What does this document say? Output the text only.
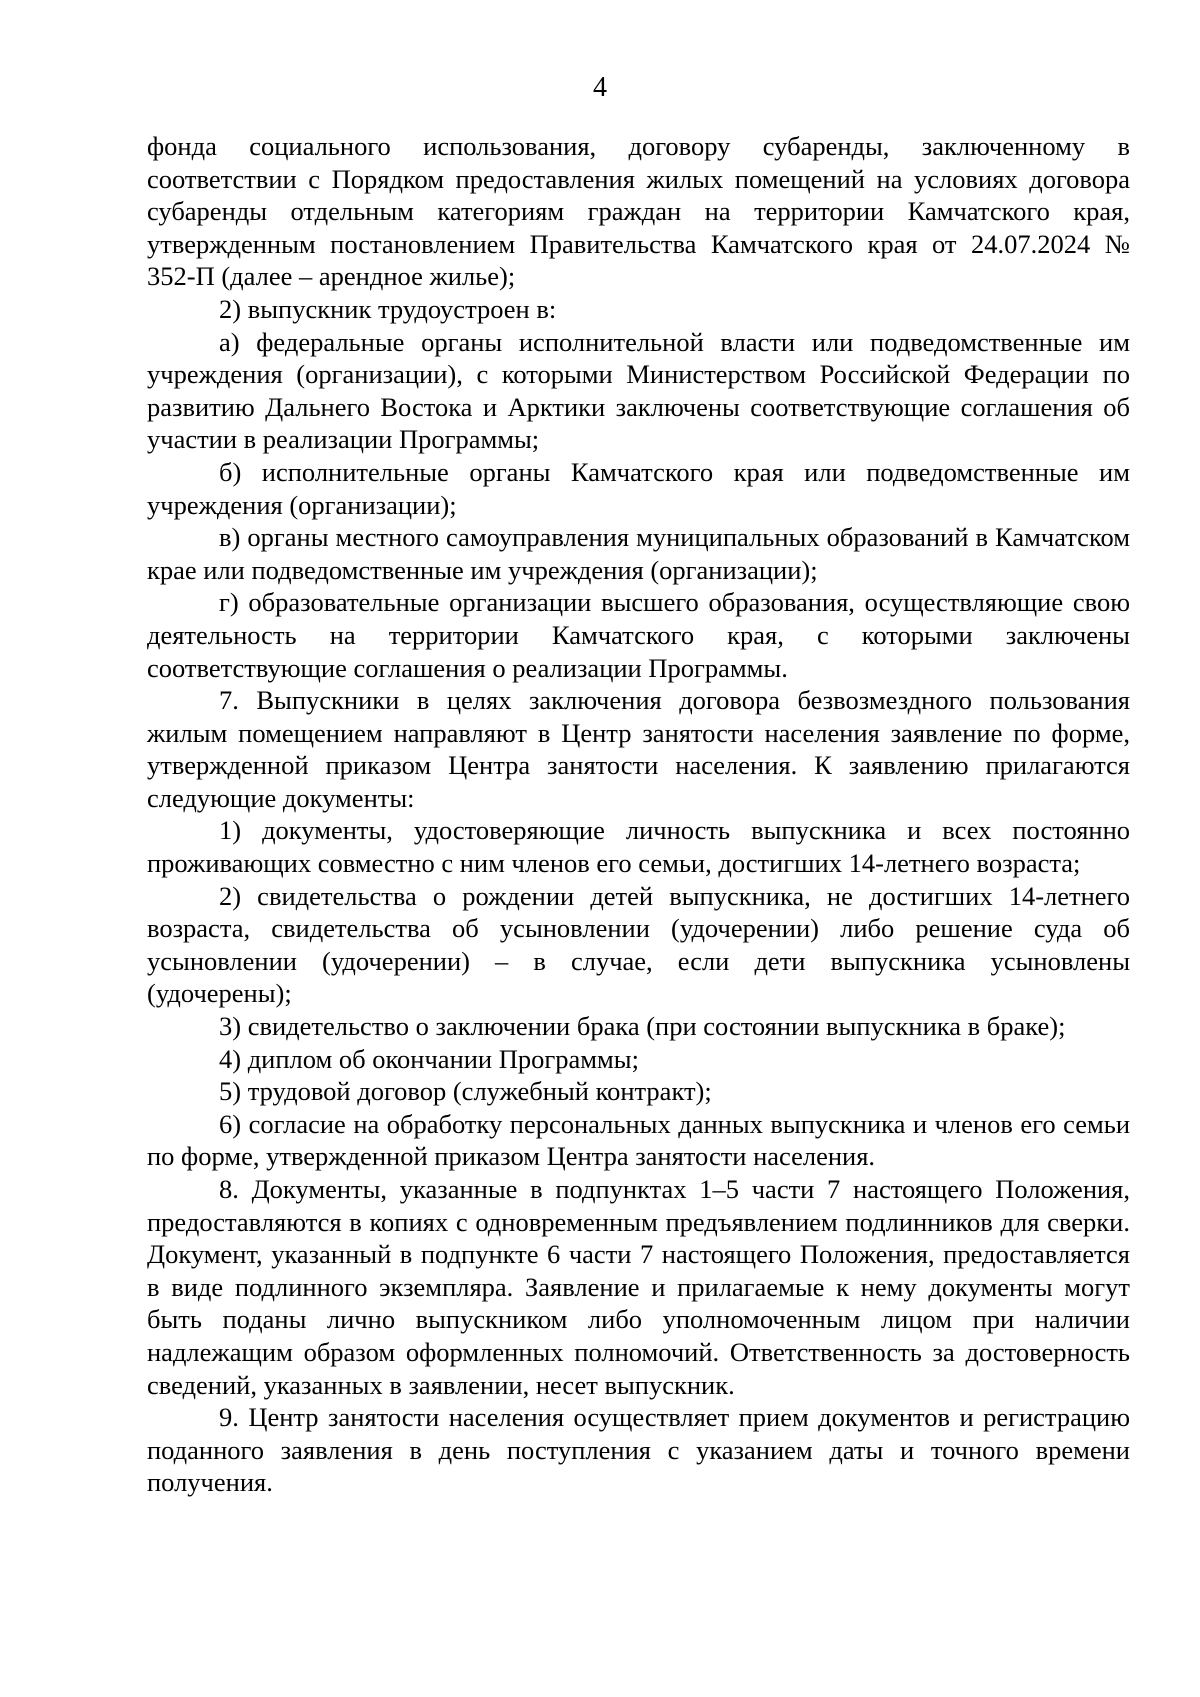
4

фонда социального использования, договору субаренды, заключенному в соответствии с Порядком предоставления жилых помещений на условиях договора субаренды отдельным категориям граждан на территории Камчатского края, утвержденным постановлением Правительства Камчатского края от 24.07.2024 № 352-П (далее – арендное жилье);

2) выпускник трудоустроен в:

а) федеральные органы исполнительной власти или подведомственные им учреждения (организации), с которыми Министерством Российской Федерации по развитию Дальнего Востока и Арктики заключены соответствующие соглашения об участии в реализации Программы;

б) исполнительные органы Камчатского края или подведомственные им учреждения (организации);

в) органы местного самоуправления муниципальных образований в Камчатском крае или подведомственные им учреждения (организации);

г) образовательные организации высшего образования, осуществляющие свою деятельность на территории Камчатского края, с которыми заключены соответствующие соглашения о реализации Программы.

7. Выпускники в целях заключения договора безвозмездного пользования жилым помещением направляют в Центр занятости населения заявление по форме, утвержденной приказом Центра занятости населения. К заявлению прилагаются следующие документы:

1) документы, удостоверяющие личность выпускника и всех постоянно проживающих совместно с ним членов его семьи, достигших 14-летнего возраста;

2) свидетельства о рождении детей выпускника, не достигших 14-летнего возраста, свидетельства об усыновлении (удочерении) либо решение суда об усыновлении (удочерении) – в случае, если дети выпускника усыновлены (удочерены);

3) свидетельство о заключении брака (при состоянии выпускника в браке);

4) диплом об окончании Программы;

5) трудовой договор (служебный контракт);

6) согласие на обработку персональных данных выпускника и членов его семьи по форме, утвержденной приказом Центра занятости населения.

8. Документы, указанные в подпунктах 1–5 части 7 настоящего Положения, предоставляются в копиях с одновременным предъявлением подлинников для сверки. Документ, указанный в подпункте 6 части 7 настоящего Положения, предоставляется в виде подлинного экземпляра. Заявление и прилагаемые к нему документы могут быть поданы лично выпускником либо уполномоченным лицом при наличии надлежащим образом оформленных полномочий. Ответственность за достоверность сведений, указанных в заявлении, несет выпускник.

9. Центр занятости населения осуществляет прием документов и регистрацию поданного заявления в день поступления с указанием даты и точного времени получения.
